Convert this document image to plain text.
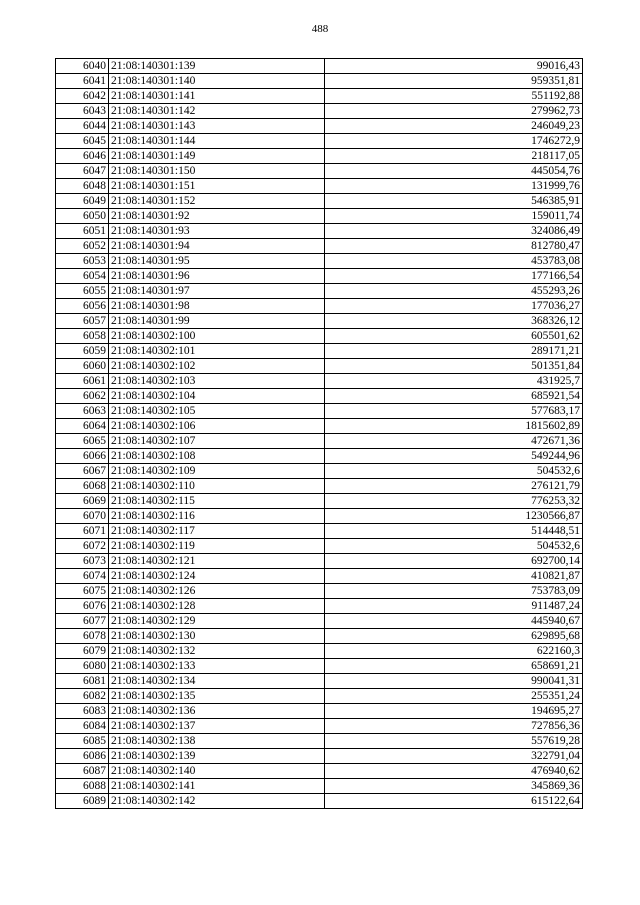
488
6040	21:08:140301:139	99016,43
6041	21:08:140301:140	959351,81
6042	21:08:140301:141	551192,88
6043	21:08:140301:142	279962,73
6044	21:08:140301:143	246049,23
6045	21:08:140301:144	1746272,9
6046	21:08:140301:149	218117,05
6047	21:08:140301:150	445054,76
6048	21:08:140301:151	131999,76
6049	21:08:140301:152	546385,91
6050	21:08:140301:92	159011,74
6051	21:08:140301:93	324086,49
6052	21:08:140301:94	812780,47
6053	21:08:140301:95	453783,08
6054	21:08:140301:96	177166,54
6055	21:08:140301:97	455293,26
6056	21:08:140301:98	177036,27
6057	21:08:140301:99	368326,12
6058	21:08:140302:100	605501,62
6059	21:08:140302:101	289171,21
6060	21:08:140302:102	501351,84
6061	21:08:140302:103	431925,7
6062	21:08:140302:104	685921,54
6063	21:08:140302:105	577683,17
6064	21:08:140302:106	1815602,89
6065	21:08:140302:107	472671,36
6066	21:08:140302:108	549244,96
6067	21:08:140302:109	504532,6
6068	21:08:140302:110	276121,79
6069	21:08:140302:115	776253,32
6070	21:08:140302:116	1230566,87
6071	21:08:140302:117	514448,51
6072	21:08:140302:119	504532,6
6073	21:08:140302:121	692700,14
6074	21:08:140302:124	410821,87
6075	21:08:140302:126	753783,09
6076	21:08:140302:128	911487,24
6077	21:08:140302:129	445940,67
6078	21:08:140302:130	629895,68
6079	21:08:140302:132	622160,3
6080	21:08:140302:133	658691,21
6081	21:08:140302:134	990041,31
6082	21:08:140302:135	255351,24
6083	21:08:140302:136	194695,27
6084	21:08:140302:137	727856,36
6085	21:08:140302:138	557619,28
6086	21:08:140302:139	322791,04
6087	21:08:140302:140	476940,62
6088	21:08:140302:141	345869,36
6089	21:08:140302:142	615122,64
